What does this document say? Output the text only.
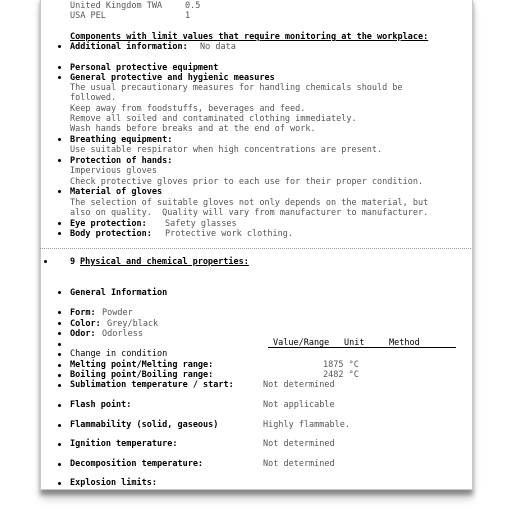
United Kingdom TWA	0.5
USA PEL	1
Components with limit values that require monitoring at the workplace:
Additional information: No data
Personal protective equipment
General protective and hygienic measures
The usual precautionary measures for handling chemicals should be
followed.
Keep away from foodstuffs, beverages and feed.
Remove all soiled and contaminated clothing immediately.
Wash hands before breaks and at the end of work.
Breathing equipment:
Use suitable respirator when high concentrations are present.
Protection of hands:
Impervious gloves
Check protective gloves prior to each use for their proper condition.
Material of gloves
The selection of suitable gloves not only depends on the material, but
also on quality.  Quality will vary from manufacturer to manufacturer.
Eye protection: Safety glasses
Body protection: Protective work clothing.
9 Physical and chemical properties:
General Information
Form: Powder
Color: Grey/black
Odor: Odorless
Value/Range Unit	Method
Change in condition
Melting point/Melting range:	1875 °C
Boiling point/Boiling range:	2482 °C
Sublimation temperature / start:	Not determined
Flash point:	Not applicable
Flammability (solid, gaseous)	Highly flammable.
Ignition temperature:	Not determined
Decomposition temperature:	Not determined
Explosion limits:
